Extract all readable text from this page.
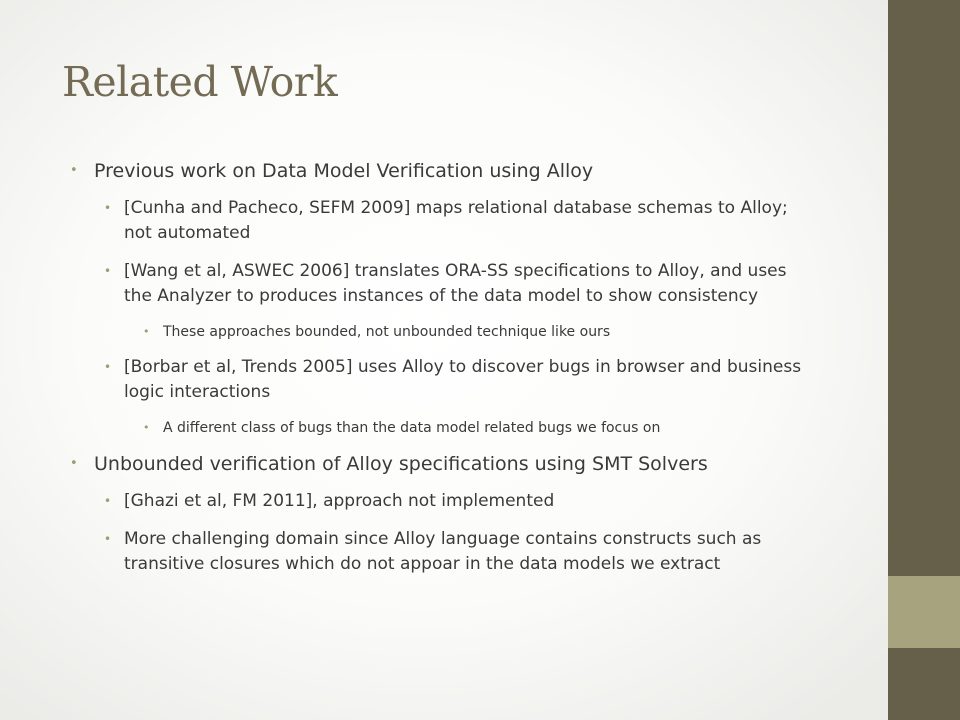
Related Work
• Previous work on Data Model Verification using Alloy
• [Cunha and Pacheco, SEFM 2009] maps relational database schemas to Alloy; not automated
• [Wang et al, ASWEC 2006] translates ORA-SS specifications to Alloy, and uses the Analyzer to produces instances of the data model to show consistency
• These approaches bounded, not unbounded technique like ours
• [Borbar et al, Trends 2005] uses Alloy to discover bugs in browser and business logic interactions
• A different class of bugs than the data model related bugs we focus on
• Unbounded verification of Alloy specifications using SMT Solvers
• [Ghazi et al, FM 2011], approach not implemented
• More challenging domain since Alloy language contains constructs such as transitive closures which do not appoar in the data models we extract
